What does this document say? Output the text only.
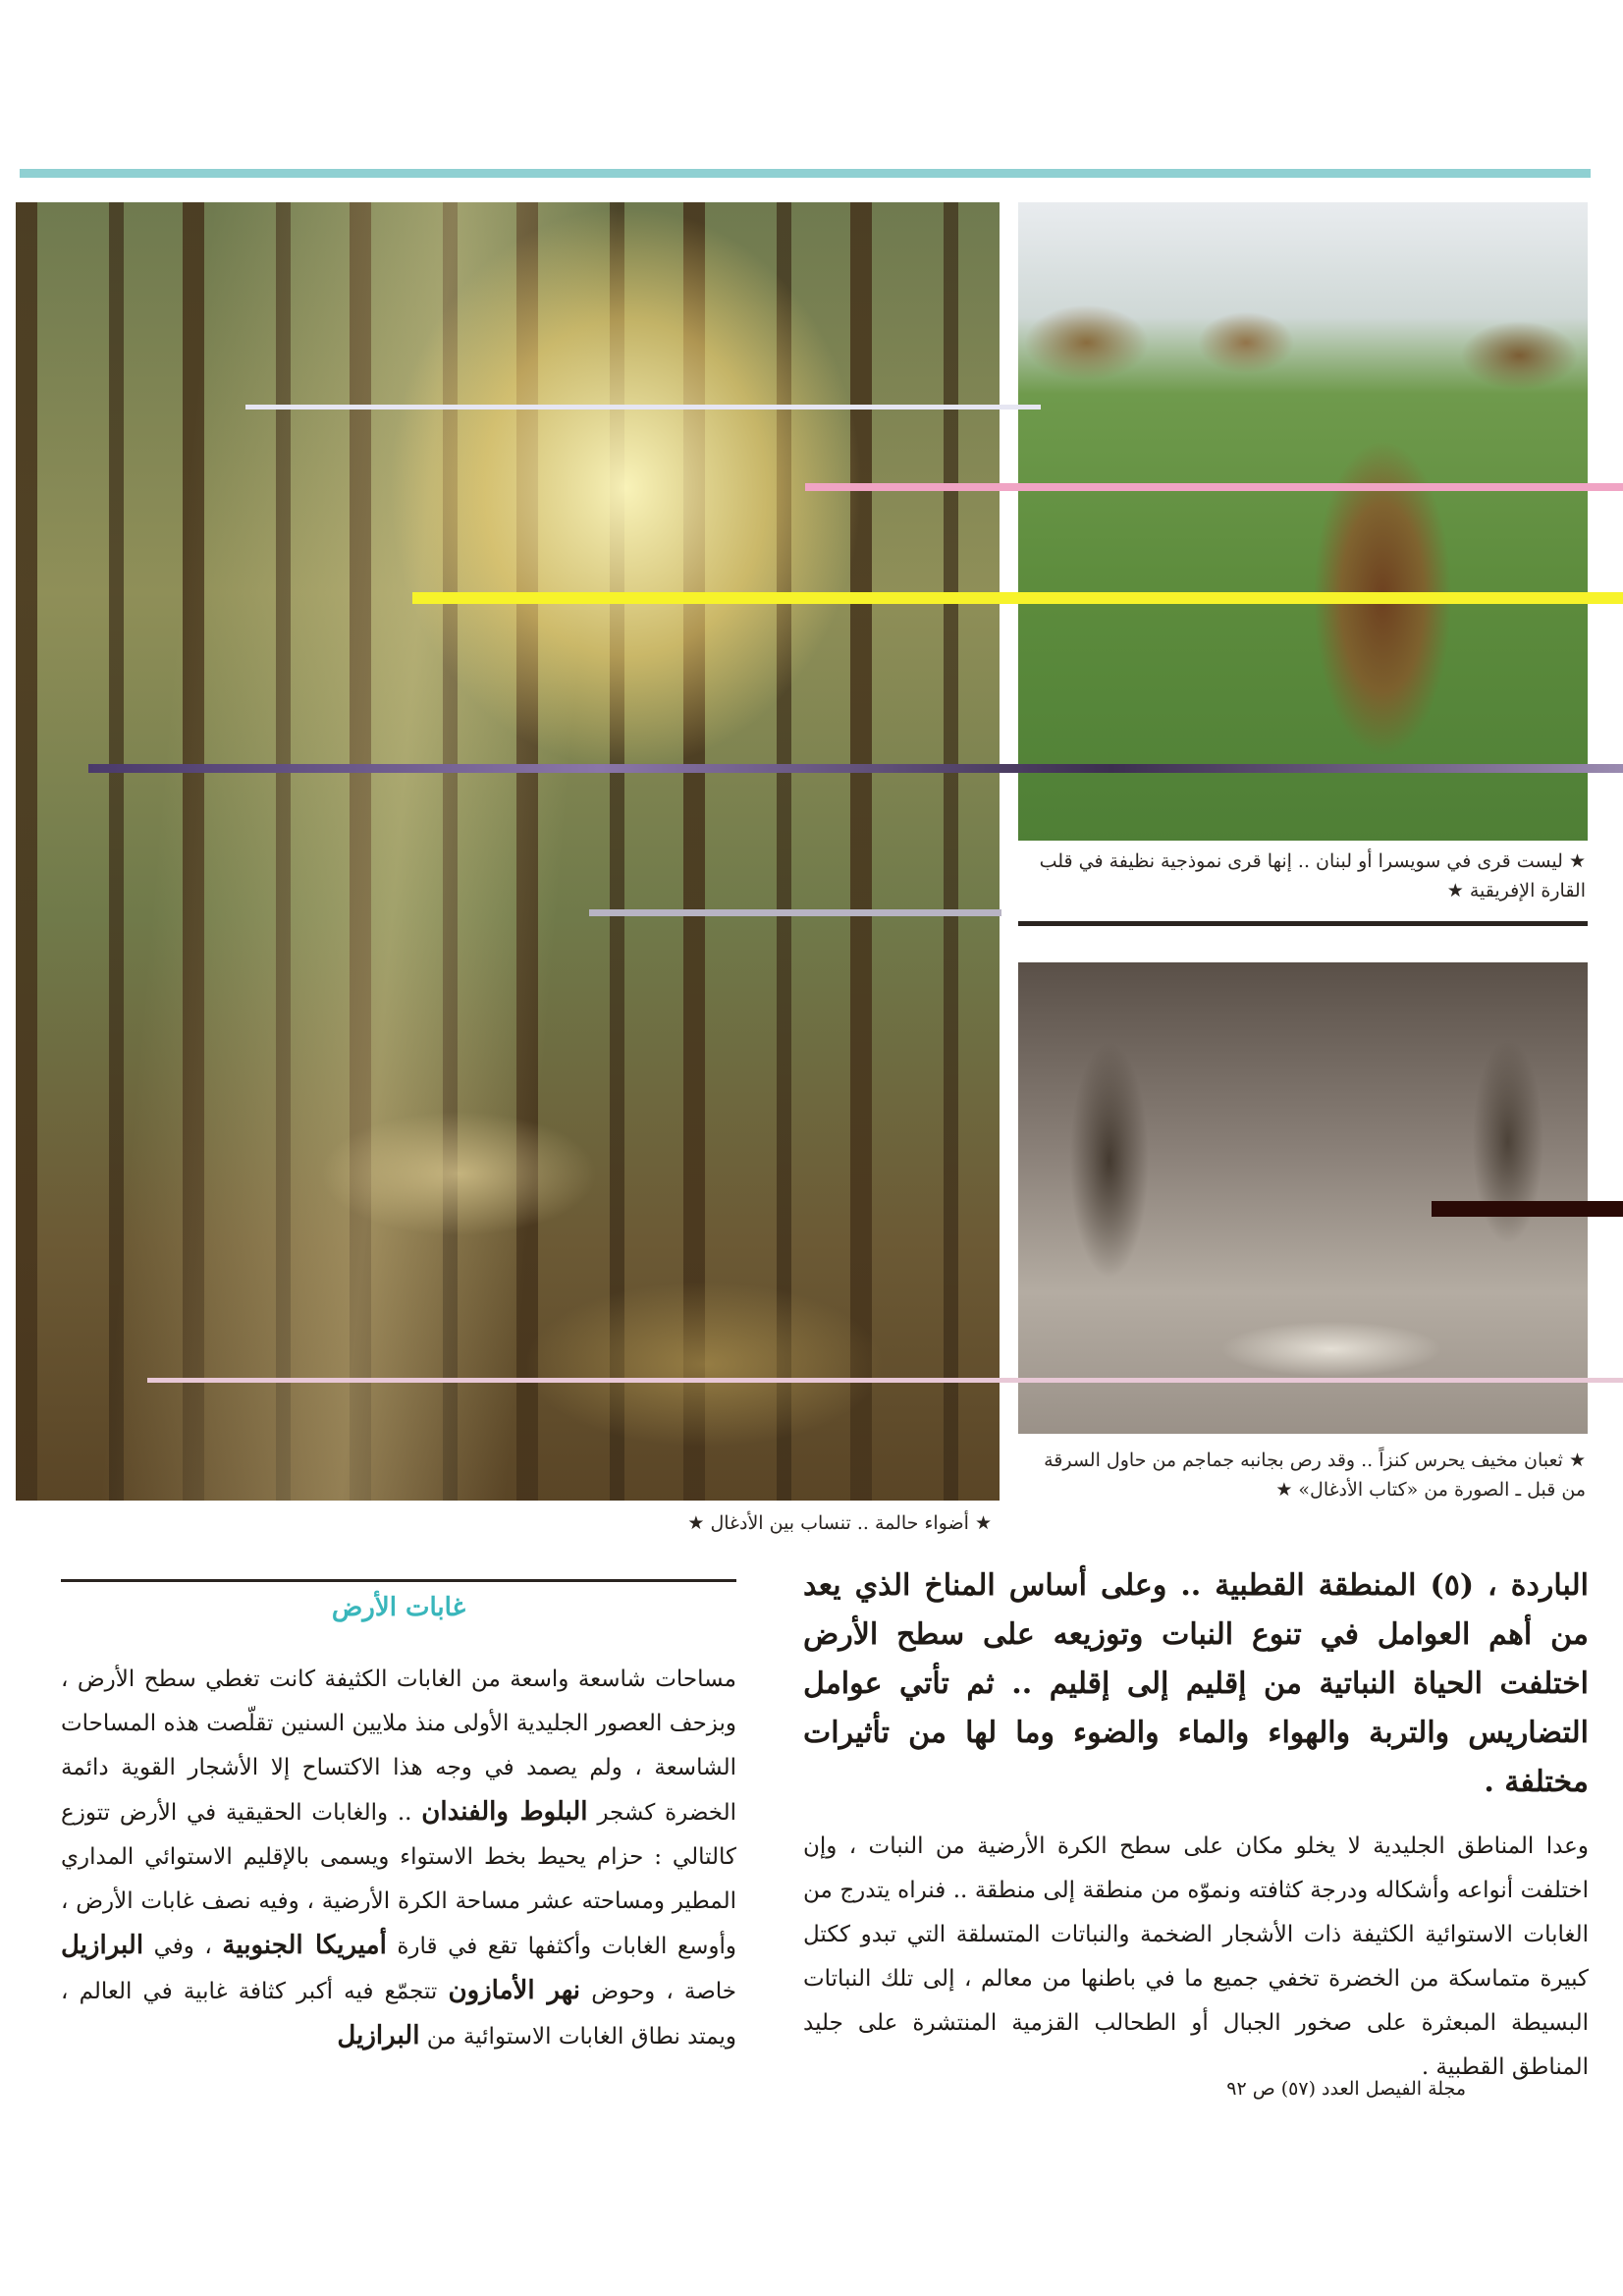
★ ليست قرى في سويسرا أو لبنان .. إنها قرى نموذجية نظيفة في قلب القارة الإفريقية ★
★ ثعبان مخيف يحرس كنزاً .. وقد رص بجانبه جماجم من حاول السرقة من قبل ـ الصورة من «كتاب الأدغال» ★
★ أضواء حالمة .. تنساب بين الأدغال ★

الباردة ، (٥) المنطقة القطبية .. وعلى أساس المناخ الذي يعد من أهم العوامل في تنوع النبات وتوزيعه على سطح الأرض اختلفت الحياة النباتية من إقليم إلى إقليم .. ثم تأتي عوامل التضاريس والتربة والهواء والماء والضوء وما لها من تأثيرات مختلفة .

وعدا المناطق الجليدية لا يخلو مكان على سطح الكرة الأرضية من النبات ، وإن اختلفت أنواعه وأشكاله ودرجة كثافته ونموّه من منطقة إلى منطقة .. فنراه يتدرج من الغابات الاستوائية الكثيفة ذات الأشجار الضخمة والنباتات المتسلقة التي تبدو ككتل كبيرة متماسكة من الخضرة تخفي جميع ما في باطنها من معالم ، إلى تلك النباتات البسيطة المبعثرة على صخور الجبال أو الطحالب القزمية المنتشرة على جليد المناطق القطبية .

مجلة الفيصل العدد (٥٧) ص ٩٢
غابات الأرض
مساحات شاسعة واسعة من الغابات الكثيفة كانت تغطي سطح الأرض ، وبزحف العصور الجليدية الأولى منذ ملايين السنين تقلّصت هذه المساحات الشاسعة ، ولم يصمد في وجه هذا الاكتساح إلا الأشجار القوية دائمة الخضرة كشجر البلوط والفندان .. والغابات الحقيقية في الأرض تتوزع كالتالي : حزام يحيط بخط الاستواء ويسمى بالإقليم الاستوائي المداري المطير ومساحته عشر مساحة الكرة الأرضية ، وفيه نصف غابات الأرض ، وأوسع الغابات وأكثفها تقع في قارة أميريكا الجنوبية ، وفي البرازيل خاصة ، وحوض نهر الأمازون تتجمّع فيه أكبر كثافة غابية في العالم ، ويمتد نطاق الغابات الاستوائية من البرازيل
